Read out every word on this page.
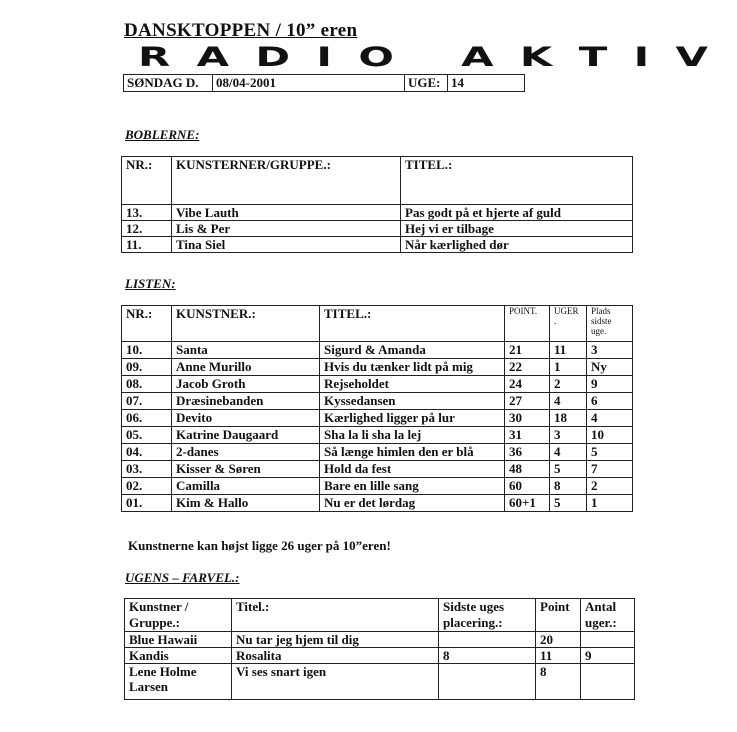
DANSKTOPPEN / 10” eren
RADIO AKTIV
SØNDAG D.	08/04-2001	UGE:	14
BOBLERNE:
NR.:	KUNSTERNER/GRUPPE.:	TITEL.:
13.	Vibe Lauth	Pas godt på et hjerte af guld
12.	Lis & Per	Hej vi er tilbage
11.	Tina Siel	Når kærlighed dør
LISTEN:
NR.:	KUNSTNER.:	TITEL.:	POINT.	UGER .	Plads sidste uge.
10.	Santa	Sigurd & Amanda	21	11	3
09.	Anne Murillo	Hvis du tænker lidt på mig	22	1	Ny
08.	Jacob Groth	Rejseholdet	24	2	9
07.	Dræsinebanden	Kyssedansen	27	4	6
06.	Devito	Kærlighed ligger på lur	30	18	4
05.	Katrine Daugaard	Sha la li sha la lej	31	3	10
04.	2-danes	Så længe himlen den er blå	36	4	5
03.	Kisser & Søren	Hold da fest	48	5	7
02.	Camilla	Bare en lille sang	60	8	2
01.	Kim & Hallo	Nu er det lørdag	60+1	5	1
Kunstnerne kan højst ligge 26 uger på 10”eren!
UGENS – FARVEL.:
Kunstner / Gruppe.:	Titel.:	Sidste uges placering.:	Point	Antal uger.:
Blue Hawaii	Nu tar jeg hjem til dig		20	
Kandis	Rosalita	8	11	9
Lene Holme Larsen	Vi ses snart igen		8	
